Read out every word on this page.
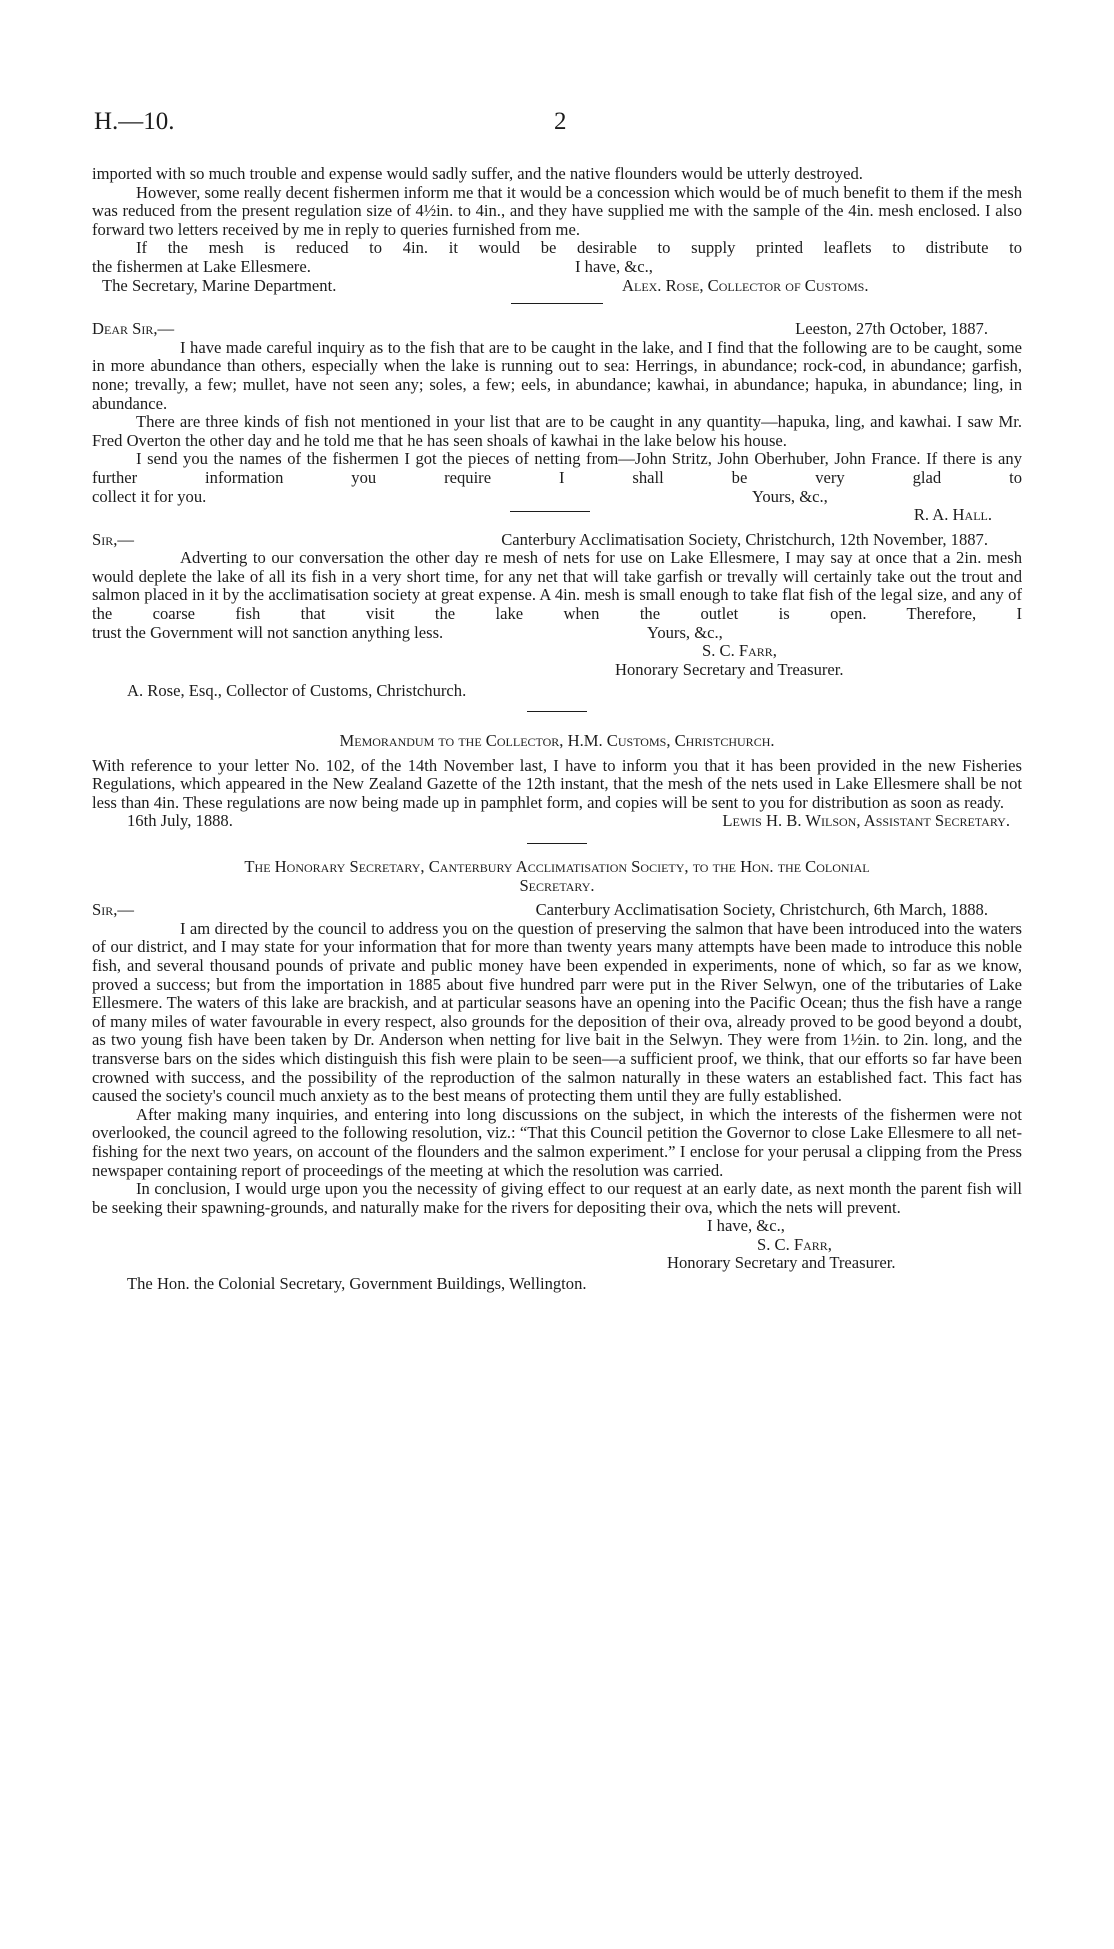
H.—10.	2

imported with so much trouble and expense would sadly suffer, and the native flounders would be utterly destroyed.

However, some really decent fishermen inform me that it would be a concession which would be of much benefit to them if the mesh was reduced from the present regulation size of 4½in. to 4in., and they have supplied me with the sample of the 4in. mesh enclosed. I also forward two letters received by me in reply to queries furnished from me.

If the mesh is reduced to 4in. it would be desirable to supply printed leaflets to distribute to

the fishermen at Lake Ellesmere.	I have, &c.,
The Secretary, Marine Department.	Alex. Rose, Collector of Customs.
Dear Sir,—	Leeston, 27th October, 1887.

I have made careful inquiry as to the fish that are to be caught in the lake, and I find that the following are to be caught, some in more abundance than others, especially when the lake is running out to sea: Herrings, in abundance; rock-cod, in abundance; garfish, none; trevally, a few; mullet, have not seen any; soles, a few; eels, in abundance; kawhai, in abundance; hapuka, in abundance; ling, in abundance.

There are three kinds of fish not mentioned in your list that are to be caught in any quantity—hapuka, ling, and kawhai. I saw Mr. Fred Overton the other day and he told me that he has seen shoals of kawhai in the lake below his house.

I send you the names of the fishermen I got the pieces of netting from—John Stritz, John Oberhuber, John France. If there is any further information you require I shall be very glad to

collect it for you.	Yours, &c.,
R. A. Hall.
Sir,—	Canterbury Acclimatisation Society, Christchurch, 12th November, 1887.

Adverting to our conversation the other day re mesh of nets for use on Lake Ellesmere, I may say at once that a 2in. mesh would deplete the lake of all its fish in a very short time, for any net that will take garfish or trevally will certainly take out the trout and salmon placed in it by the acclimatisation society at great expense. A 4in. mesh is small enough to take flat fish of the legal size, and any of the coarse fish that visit the lake when the outlet is open. Therefore, I

trust the Government will not sanction anything less.	Yours, &c.,
S. C. Farr,
Honorary Secretary and Treasurer.
A. Rose, Esq., Collector of Customs, Christchurch.

Memorandum to the Collector, H.M. Customs, Christchurch.

With reference to your letter No. 102, of the 14th November last, I have to inform you that it has been provided in the new Fisheries Regulations, which appeared in the New Zealand Gazette of the 12th instant, that the mesh of the nets used in Lake Ellesmere shall be not less than 4in. These regulations are now being made up in pamphlet form, and copies will be sent to you for distribution as soon as ready.

16th July, 1888.	Lewis H. B. Wilson, Assistant Secretary.

The Honorary Secretary, Canterbury Acclimatisation Society, to the Hon. the Colonial

Secretary.

Sir,—	Canterbury Acclimatisation Society, Christchurch, 6th March, 1888.

I am directed by the council to address you on the question of preserving the salmon that have been introduced into the waters of our district, and I may state for your information that for more than twenty years many attempts have been made to introduce this noble fish, and several thousand pounds of private and public money have been expended in experiments, none of which, so far as we know, proved a success; but from the importation in 1885 about five hundred parr were put in the River Selwyn, one of the tributaries of Lake Ellesmere. The waters of this lake are brackish, and at particular seasons have an opening into the Pacific Ocean; thus the fish have a range of many miles of water favourable in every respect, also grounds for the deposition of their ova, already proved to be good beyond a doubt, as two young fish have been taken by Dr. Anderson when netting for live bait in the Selwyn. They were from 1½in. to 2in. long, and the transverse bars on the sides which distinguish this fish were plain to be seen—a sufficient proof, we think, that our efforts so far have been crowned with success, and the possibility of the reproduction of the salmon naturally in these waters an established fact. This fact has caused the society's council much anxiety as to the best means of protecting them until they are fully established.

After making many inquiries, and entering into long discussions on the subject, in which the interests of the fishermen were not overlooked, the council agreed to the following resolution, viz.: “That this Council petition the Governor to close Lake Ellesmere to all net-fishing for the next two years, on account of the flounders and the salmon experiment.” I enclose for your perusal a clipping from the Press newspaper containing report of proceedings of the meeting at which the resolution was carried.

In conclusion, I would urge upon you the necessity of giving effect to our request at an early date, as next month the parent fish will be seeking their spawning-grounds, and naturally make for the rivers for depositing their ova, which the nets will prevent.

I have, &c.,
S. C. Farr,
Honorary Secretary and Treasurer.
The Hon. the Colonial Secretary, Government Buildings, Wellington.
